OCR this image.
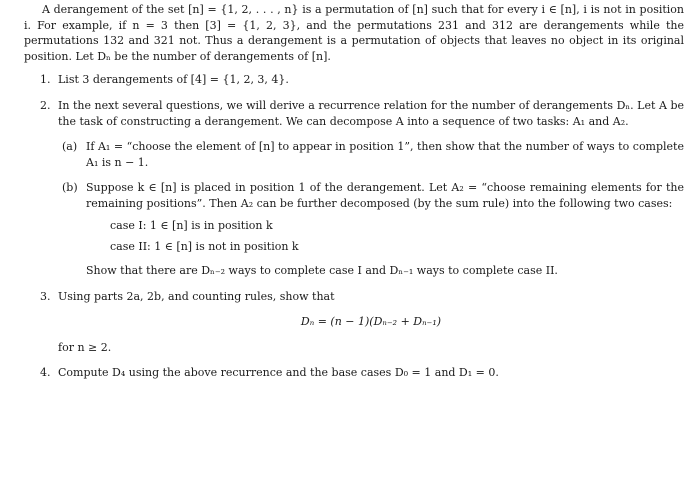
A derangement of the set [n] = {1, 2, . . . , n} is a permutation of [n] such that for every i ∈ [n], i is not in position i. For example, if n = 3 then [3] = {1, 2, 3}, and the permutations 231 and 312 are derangements while the permutations 132 and 321 not. Thus a derangement is a permutation of objects that leaves no object in its original position. Let Dₙ be the number of derangements of [n].

1. List 3 derangements of [4] = {1, 2, 3, 4}.

2. In the next several questions, we will derive a recurrence relation for the number of derangements Dₙ. Let A be the task of constructing a derangement. We can decompose A into a sequence of two tasks: A₁ and A₂.

(a) If A₁ = “choose the element of [n] to appear in position 1”, then show that the number of ways to complete A₁ is n − 1.

(b) Suppose k ∈ [n] is placed in position 1 of the derangement. Let A₂ = “choose remaining elements for the remaining positions”. Then A₂ can be further decomposed (by the sum rule) into the following two cases:

case I: 1 ∈ [n] is in position k
case II: 1 ∈ [n] is not in position k
Show that there are Dₙ₋₂ ways to complete case I and Dₙ₋₁ ways to complete case II.
3. Using parts 2a, 2b, and counting rules, show that

Dₙ = (n − 1)(Dₙ₋₂ + Dₙ₋₁)

for n ≥ 2.

4. Compute D₄ using the above recurrence and the base cases D₀ = 1 and D₁ = 0.
